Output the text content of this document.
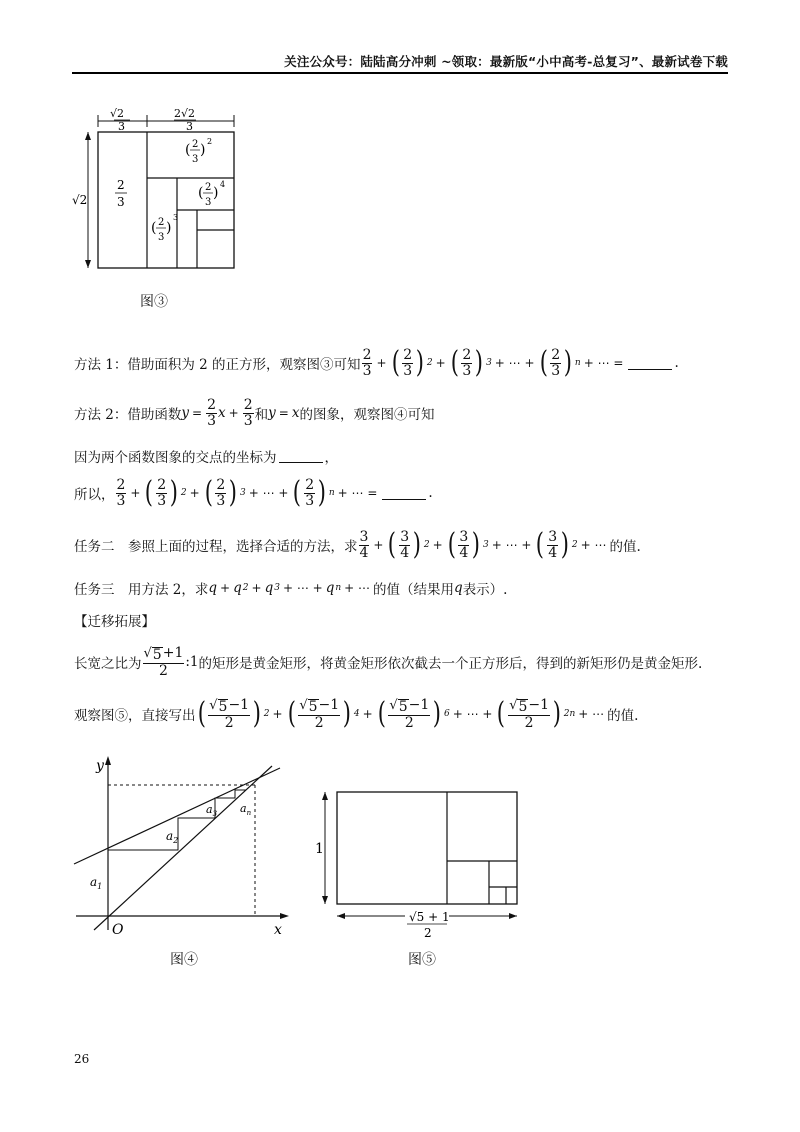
关注公众号：陆陆高分冲刺 ~领取：最新版“小中高考-总复习”、最新试卷下载
√2
3
2√2
3
√2
2
3
( 2
3
)
2
( 2
3
)
3
( 2
3
)
4
图③
方法 1：借助面积为 2 的正方形，观察图③可知 $\frac{2}{3}$ + ( $\frac{2}{3}$ ) 2 + ( $\frac{2}{3}$ ) 3 + ⋯ + ( $\frac{2}{3}$ ) n + ⋯ =	.
方法 2：借助函数 $y = \frac{2}{3}$ $x + \frac{2}{3}$ 和 y = x 的图象，观察图④可知
因为两个函数图象的交点的坐标为	，
所以， $\frac{2}{3}$ + ( $\frac{2}{3}$ ) 2 + ( $\frac{2}{3}$ ) 3 + ⋯ + ( $\frac{2}{3}$ ) n + ⋯ =	.
任务二　参照上面的过程，选择合适的方法，求 $\frac{3}{4}$ + ( $\frac{3}{4}$ ) 2 + ( $\frac{3}{4}$ ) 3 + ⋯ + ( $\frac{3}{4}$ ) 2 + ⋯ 的值.
任务三　用方法 2，求 q + q 2 + q 3 + ⋯ + q n + ⋯ 的值（结果用 q 表示）.
【迁移拓展】
长宽之比为 $\frac{√ 5 +1}{2}$ :1 的矩形是黄金矩形，将黄金矩形依次截去一个正方形后，得到的新矩形仍是黄金矩形.
观察图⑤，直接写出 ( $\frac{√ 5 -1}{2}$ ) 2 + ( $\frac{√ 5 -1}{2}$ ) 4 + ( $\frac{√ 5 -1}{2}$ ) 6 + ⋯ + ( $\frac{√ 5 -1}{2}$ ) 2n + ⋯ 的值.
y
x
O
$a_1$
$a_2$
$a_3$ $a_n$
图④
1
√5 + 1
2
图⑤
26
